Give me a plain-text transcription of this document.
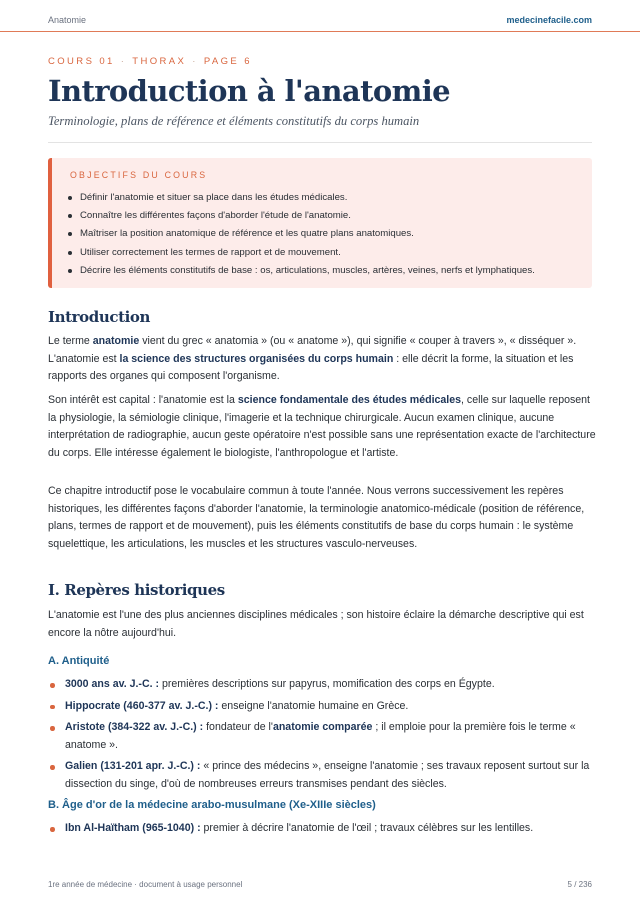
Anatomie	medecinefacile.com
COURS 01 · THORAX · PAGE 6
Introduction à l'anatomie
Terminologie, plans de référence et éléments constitutifs du corps humain
OBJECTIFS DU COURS
Définir l'anatomie et situer sa place dans les études médicales.
Connaître les différentes façons d'aborder l'étude de l'anatomie.
Maîtriser la position anatomique de référence et les quatre plans anatomiques.
Utiliser correctement les termes de rapport et de mouvement.
Décrire les éléments constitutifs de base : os, articulations, muscles, artères, veines, nerfs et lymphatiques.
Introduction

Le terme anatomie vient du grec « anatomia » (ou « anatome »), qui signifie « couper à travers », « disséquer ». L'anatomie est la science des structures organisées du corps humain : elle décrit la forme, la situation et les rapports des organes qui composent l'organisme.

Son intérêt est capital : l'anatomie est la science fondamentale des études médicales, celle sur laquelle reposent la physiologie, la sémiologie clinique, l'imagerie et la technique chirurgicale. Aucun examen clinique, aucune interprétation de radiographie, aucun geste opératoire n'est possible sans une représentation exacte de l'architecture du corps. Elle intéresse également le biologiste, l'anthropologue et l'artiste.

Ce chapitre introductif pose le vocabulaire commun à toute l'année. Nous verrons successivement les repères historiques, les différentes façons d'aborder l'anatomie, la terminologie anatomico-médicale (position de référence, plans, termes de rapport et de mouvement), puis les éléments constitutifs de base du corps humain : le système squelettique, les articulations, les muscles et les structures vasculo-nerveuses.

I. Repères historiques

L'anatomie est l'une des plus anciennes disciplines médicales ; son histoire éclaire la démarche descriptive qui est encore la nôtre aujourd'hui.

A. Antiquité
3000 ans av. J.-C. : premières descriptions sur papyrus, momification des corps en Égypte.
Hippocrate (460-377 av. J.-C.) : enseigne l'anatomie humaine en Grèce.
Aristote (384-322 av. J.-C.) : fondateur de l'anatomie comparée ; il emploie pour la première fois le terme « anatome ».
Galien (131-201 apr. J.-C.) : « prince des médecins », enseigne l'anatomie ; ses travaux reposent surtout sur la dissection du singe, d'où de nombreuses erreurs transmises pendant des siècles.
B. Âge d'or de la médecine arabo-musulmane (Xe-XIIIe siècles)
Ibn Al-Haïtham (965-1040) : premier à décrire l'anatomie de l'œil ; travaux célèbres sur les lentilles.
1re année de médecine · document à usage personnel	5 / 236
